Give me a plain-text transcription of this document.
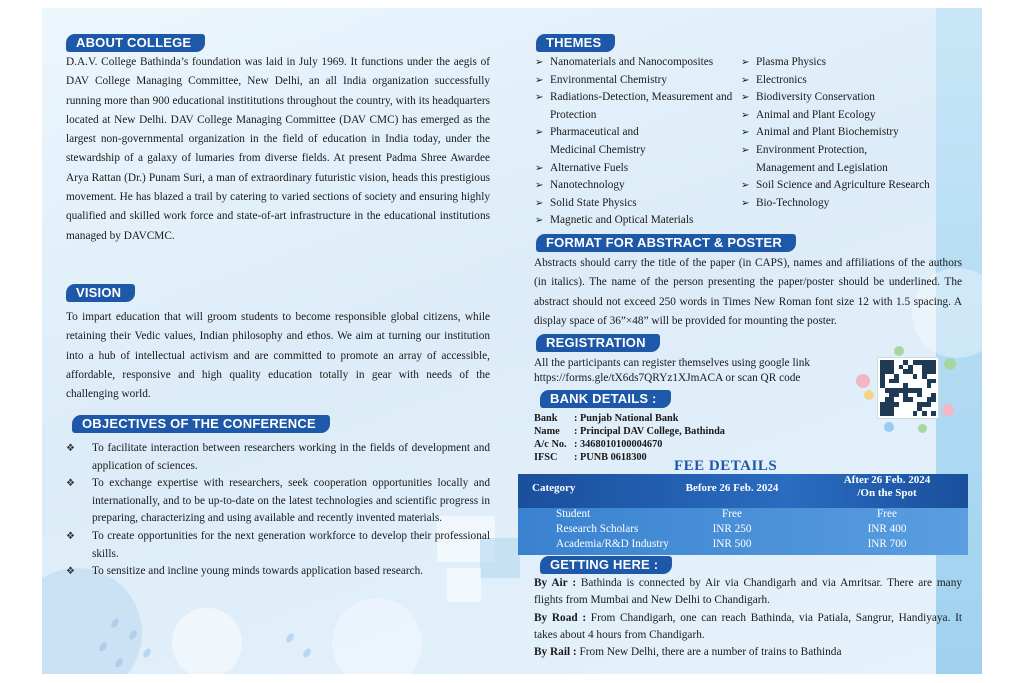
ABOUT COLLEGE

D.A.V. College Bathinda’s foundation was laid in July 1969. It functions under the aegis of DAV College Managing Committee, New Delhi, an all India organization successfully running more than 900 educational instititutions throughout the country, with its headquarters located at New Delhi. DAV College Managing Committee (DAV CMC) has emerged as the largest non-governmental organization in the field of education in India today, under the stewardship of a galaxy of lumaries from diverse fields. At present Padma Shree Awardee Arya Rattan (Dr.) Punam Suri, a man of extraordinary futuristic vision, heads this prestigious movement. He has blazed a trail by catering to varied sections of society and ensuring highly qualified and skilled work force and state-of-art infrastructure in the educational institutions managed by DAVCMC.

VISION

To impart education that will groom students to become responsible global citizens, while retaining their Vedic values, Indian philosophy and ethos. We aim at turning our institution into a hub of intellectual activism and are committed to promote an array of accessible, affordable, responsive and high quality education totally in gear with needs of the challenging world.

OBJECTIVES OF THE CONFERENCE
❖ To facilitate interaction between researchers working in the fields of development and application of sciences.
❖ To exchange expertise with researchers, seek cooperation opportunities locally and internationally, and to be up-to-date on the latest technologies and scientific progress in preparing, characterizing and using available and recently invented materials.
❖ To create opportunities for the next generation workforce to develop their professional skills.
❖ To sensitize and incline young minds towards application based research.
THEMES
➢ Nanomaterials and Nanocomposites
➢ Environmental Chemistry
➢ Radiations-Detection, Measurement and Protection
➢ Pharmaceutical and Medicinal Chemistry
➢ Alternative Fuels
➢ Nanotechnology
➢ Solid State Physics
➢ Magnetic and Optical Materials
➢ Plasma Physics
➢ Electronics
➢ Biodiversity Conservation
➢ Animal and Plant Ecology
➢ Animal and Plant Biochemistry
➢ Environment Protection, Management and Legislation
➢ Soil Science and Agriculture Research
➢ Bio-Technology
FORMAT FOR ABSTRACT & POSTER

Abstracts should carry the title of the paper (in CAPS), names and affiliations of the authors (in italics). The name of the person presenting the paper/poster should be underlined. The abstract should not exceed 250 words in Times New Roman font size 12 with 1.5 spacing. A display space of 36”×48” will be provided for mounting the poster.

REGISTRATION
All the participants can register themselves using google link
https://forms.gle/tX6ds7QRYz1XJmACA or scan QR code
BANK DETAILS :
Bank : Punjab National Bank
Name : Principal DAV College, Bathinda
A/c No. : 3468010100004670
IFSC : PUNB 0618300
FEE DETAILS
Category	Before 26 Feb. 2024
After 26 Feb. 2024
/On the Spot
Student	Free	Free
Research Scholars	INR 250	INR 400
Academia/R&D Industry	INR 500	INR 700
GETTING HERE :

By Air : Bathinda is connected by Air via Chandigarh and via Amritsar. There are many flights from Mumbai and New Delhi to Chandigarh.

By Road : From Chandigarh, one can reach Bathinda, via Patiala, Sangrur, Handiyaya. It takes about 4 hours from Chandigarh.

By Rail : From New Delhi, there are a number of trains to Bathinda
